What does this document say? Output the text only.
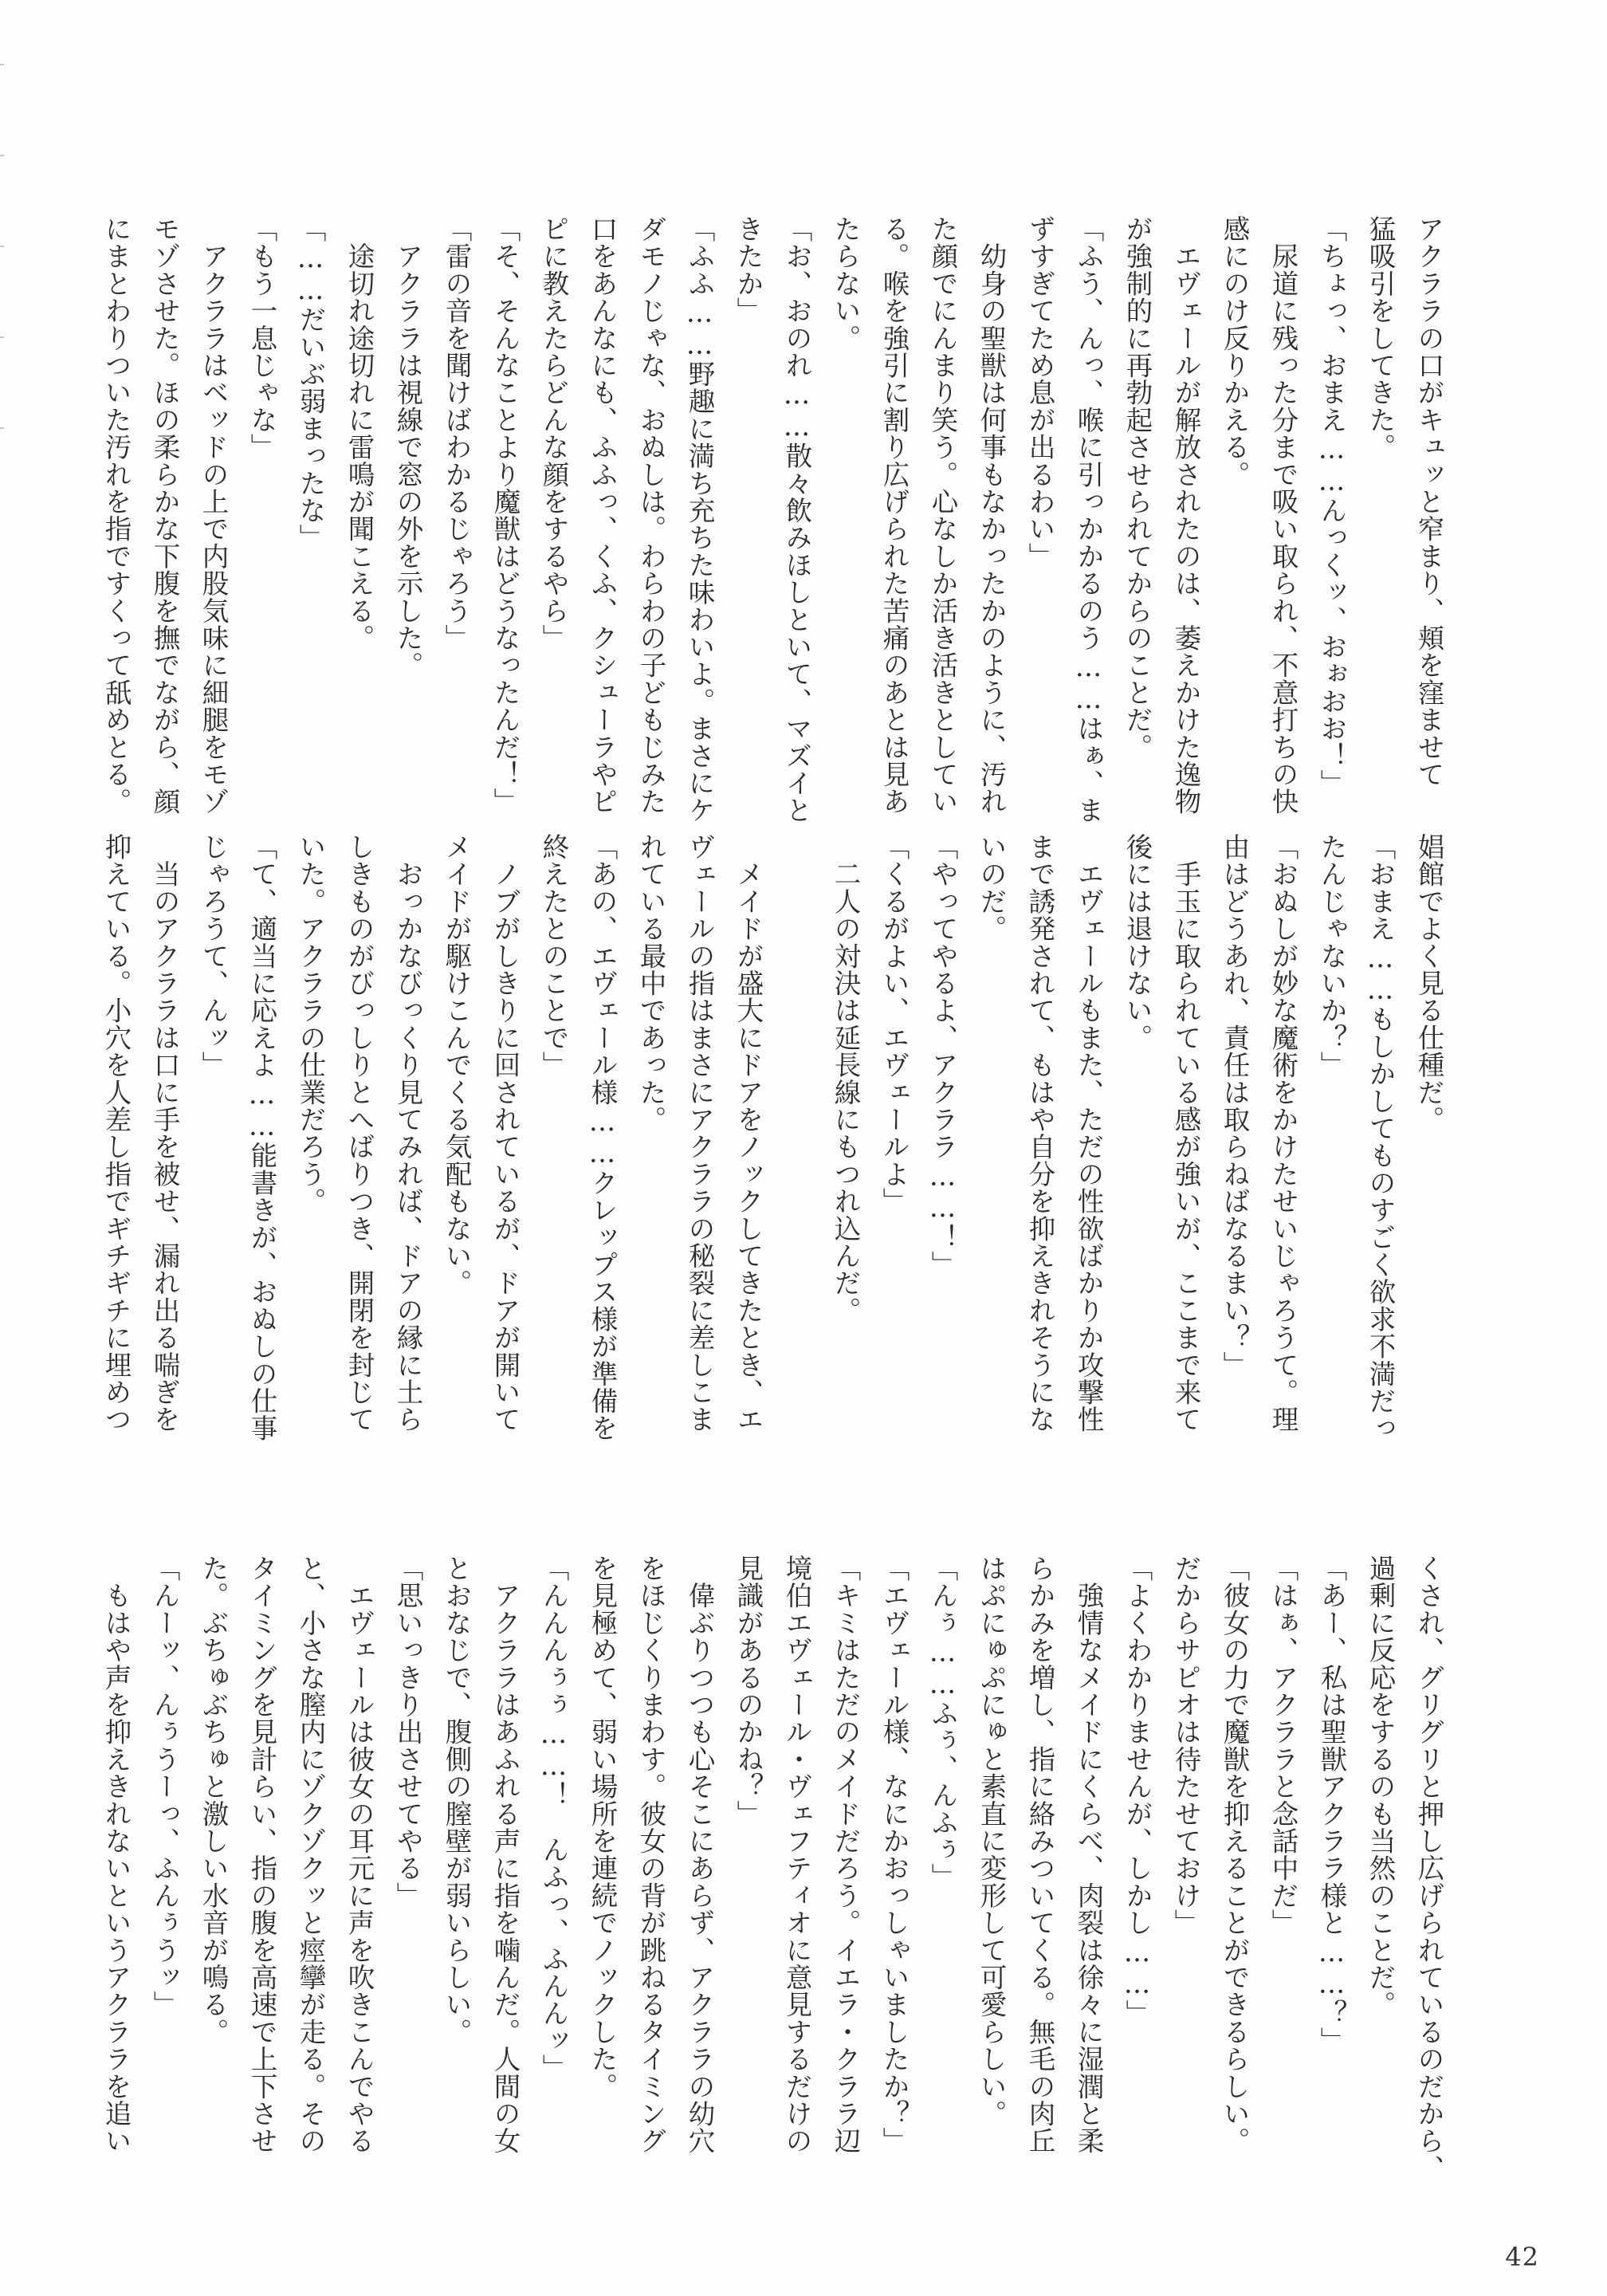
アクララの口がキュッと窄まり、頬を窪ませて

猛吸引をしてきた。

「ちょっ、おまえ……んっくッ、おぉおお！」

　尿道に残った分まで吸い取られ、不意打ちの快

感にのけ反りかえる。

　エヴェールが解放されたのは、萎えかけた逸物

が強制的に再勃起させられてからのことだ。

「ふう、んっ、喉に引っかかるのう……はぁ、ま

ずすぎてため息が出るわい」

　幼身の聖獣は何事もなかったかのように、汚れ

た顔でにんまり笑う。心なしか活き活きとしてい

る。喉を強引に割り広げられた苦痛のあとは見あ

たらない。

「お、おのれ……散々飲みほしといて、マズイと

きたか」

「ふふ……野趣に満ち充ちた味わいよ。まさにケ

ダモノじゃな、おぬしは。わらわの子どもじみた

口をあんなにも、ふふっ、くふ、クシューラやピ

ピに教えたらどんな顔をするやら」

「そ、そんなことより魔獣はどうなったんだ！」

「雷の音を聞けばわかるじゃろう」

　アクララは視線で窓の外を示した。

　途切れ途切れに雷鳴が聞こえる。

「……だいぶ弱まったな」

「もう一息じゃな」

　アクララはベッドの上で内股気味に細腿をモゾ

モゾさせた。ほの柔らかな下腹を撫でながら、顔

にまとわりついた汚れを指ですくって舐めとる。

娼館でよく見る仕種だ。

「おまえ……もしかしてものすごく欲求不満だっ

たんじゃないか？」

「おぬしが妙な魔術をかけたせいじゃろうて。理

由はどうあれ、責任は取らねばなるまい？」

　手玉に取られている感が強いが、ここまで来て

後には退けない。

　エヴェールもまた、ただの性欲ばかりか攻撃性

まで誘発されて、もはや自分を抑えきれそうにな

いのだ。

「やってやるよ、アクララ……！」

「くるがよい、エヴェールよ」

　二人の対決は延長線にもつれ込んだ。

　メイドが盛大にドアをノックしてきたとき、エ

ヴェールの指はまさにアクララの秘裂に差しこま

れている最中であった。

「あの、エヴェール様……クレップス様が準備を

終えたとのことで」

　ノブがしきりに回されているが、ドアが開いて

メイドが駆けこんでくる気配もない。

　おっかなびっくり見てみれば、ドアの縁に土ら

しきものがびっしりとへばりつき、開閉を封じて

いた。アクララの仕業だろう。

「て、適当に応えよ……能書きが、おぬしの仕事

じゃろうて、んッ」

　当のアクララは口に手を被せ、漏れ出る喘ぎを

抑えている。小穴を人差し指でギチギチに埋めつ

くされ、グリグリと押し広げられているのだから、

過剰に反応をするのも当然のことだ。

「あー、私は聖獣アクララ様と……？」

「はぁ、アクララと念話中だ」

「彼女の力で魔獣を抑えることができるらしい。

だからサピオは待たせておけ」

「よくわかりませんが、しかし……」

　強情なメイドにくらべ、肉裂は徐々に湿潤と柔

らかみを増し、指に絡みついてくる。無毛の肉丘

はぷにゅぷにゅと素直に変形して可愛らしい。

「んぅ……ふぅ、んふぅ」

「エヴェール様、なにかおっしゃいましたか？」

「キミはただのメイドだろう。イエラ・クララ辺

境伯エヴェール・ヴェフティオに意見するだけの

見識があるのかね？」

　偉ぶりつつも心そこにあらず、アクララの幼穴

をほじくりまわす。彼女の背が跳ねるタイミング

を見極めて、弱い場所を連続でノックした。

「んんんぅぅ……！　んふっ、ふんんッ」

　アクララはあふれる声に指を噛んだ。人間の女

とおなじで、腹側の膣壁が弱いらしい。

「思いっきり出させてやる」

　エヴェールは彼女の耳元に声を吹きこんでやる

と、小さな膣内にゾクゾクッと痙攣が走る。その

タイミングを見計らい、指の腹を高速で上下させ

た。ぶちゅぶちゅと激しい水音が鳴る。

「んーッ、んぅうーっ、ふんぅうッ」

　もはや声を抑えきれないというアクララを追い

42
